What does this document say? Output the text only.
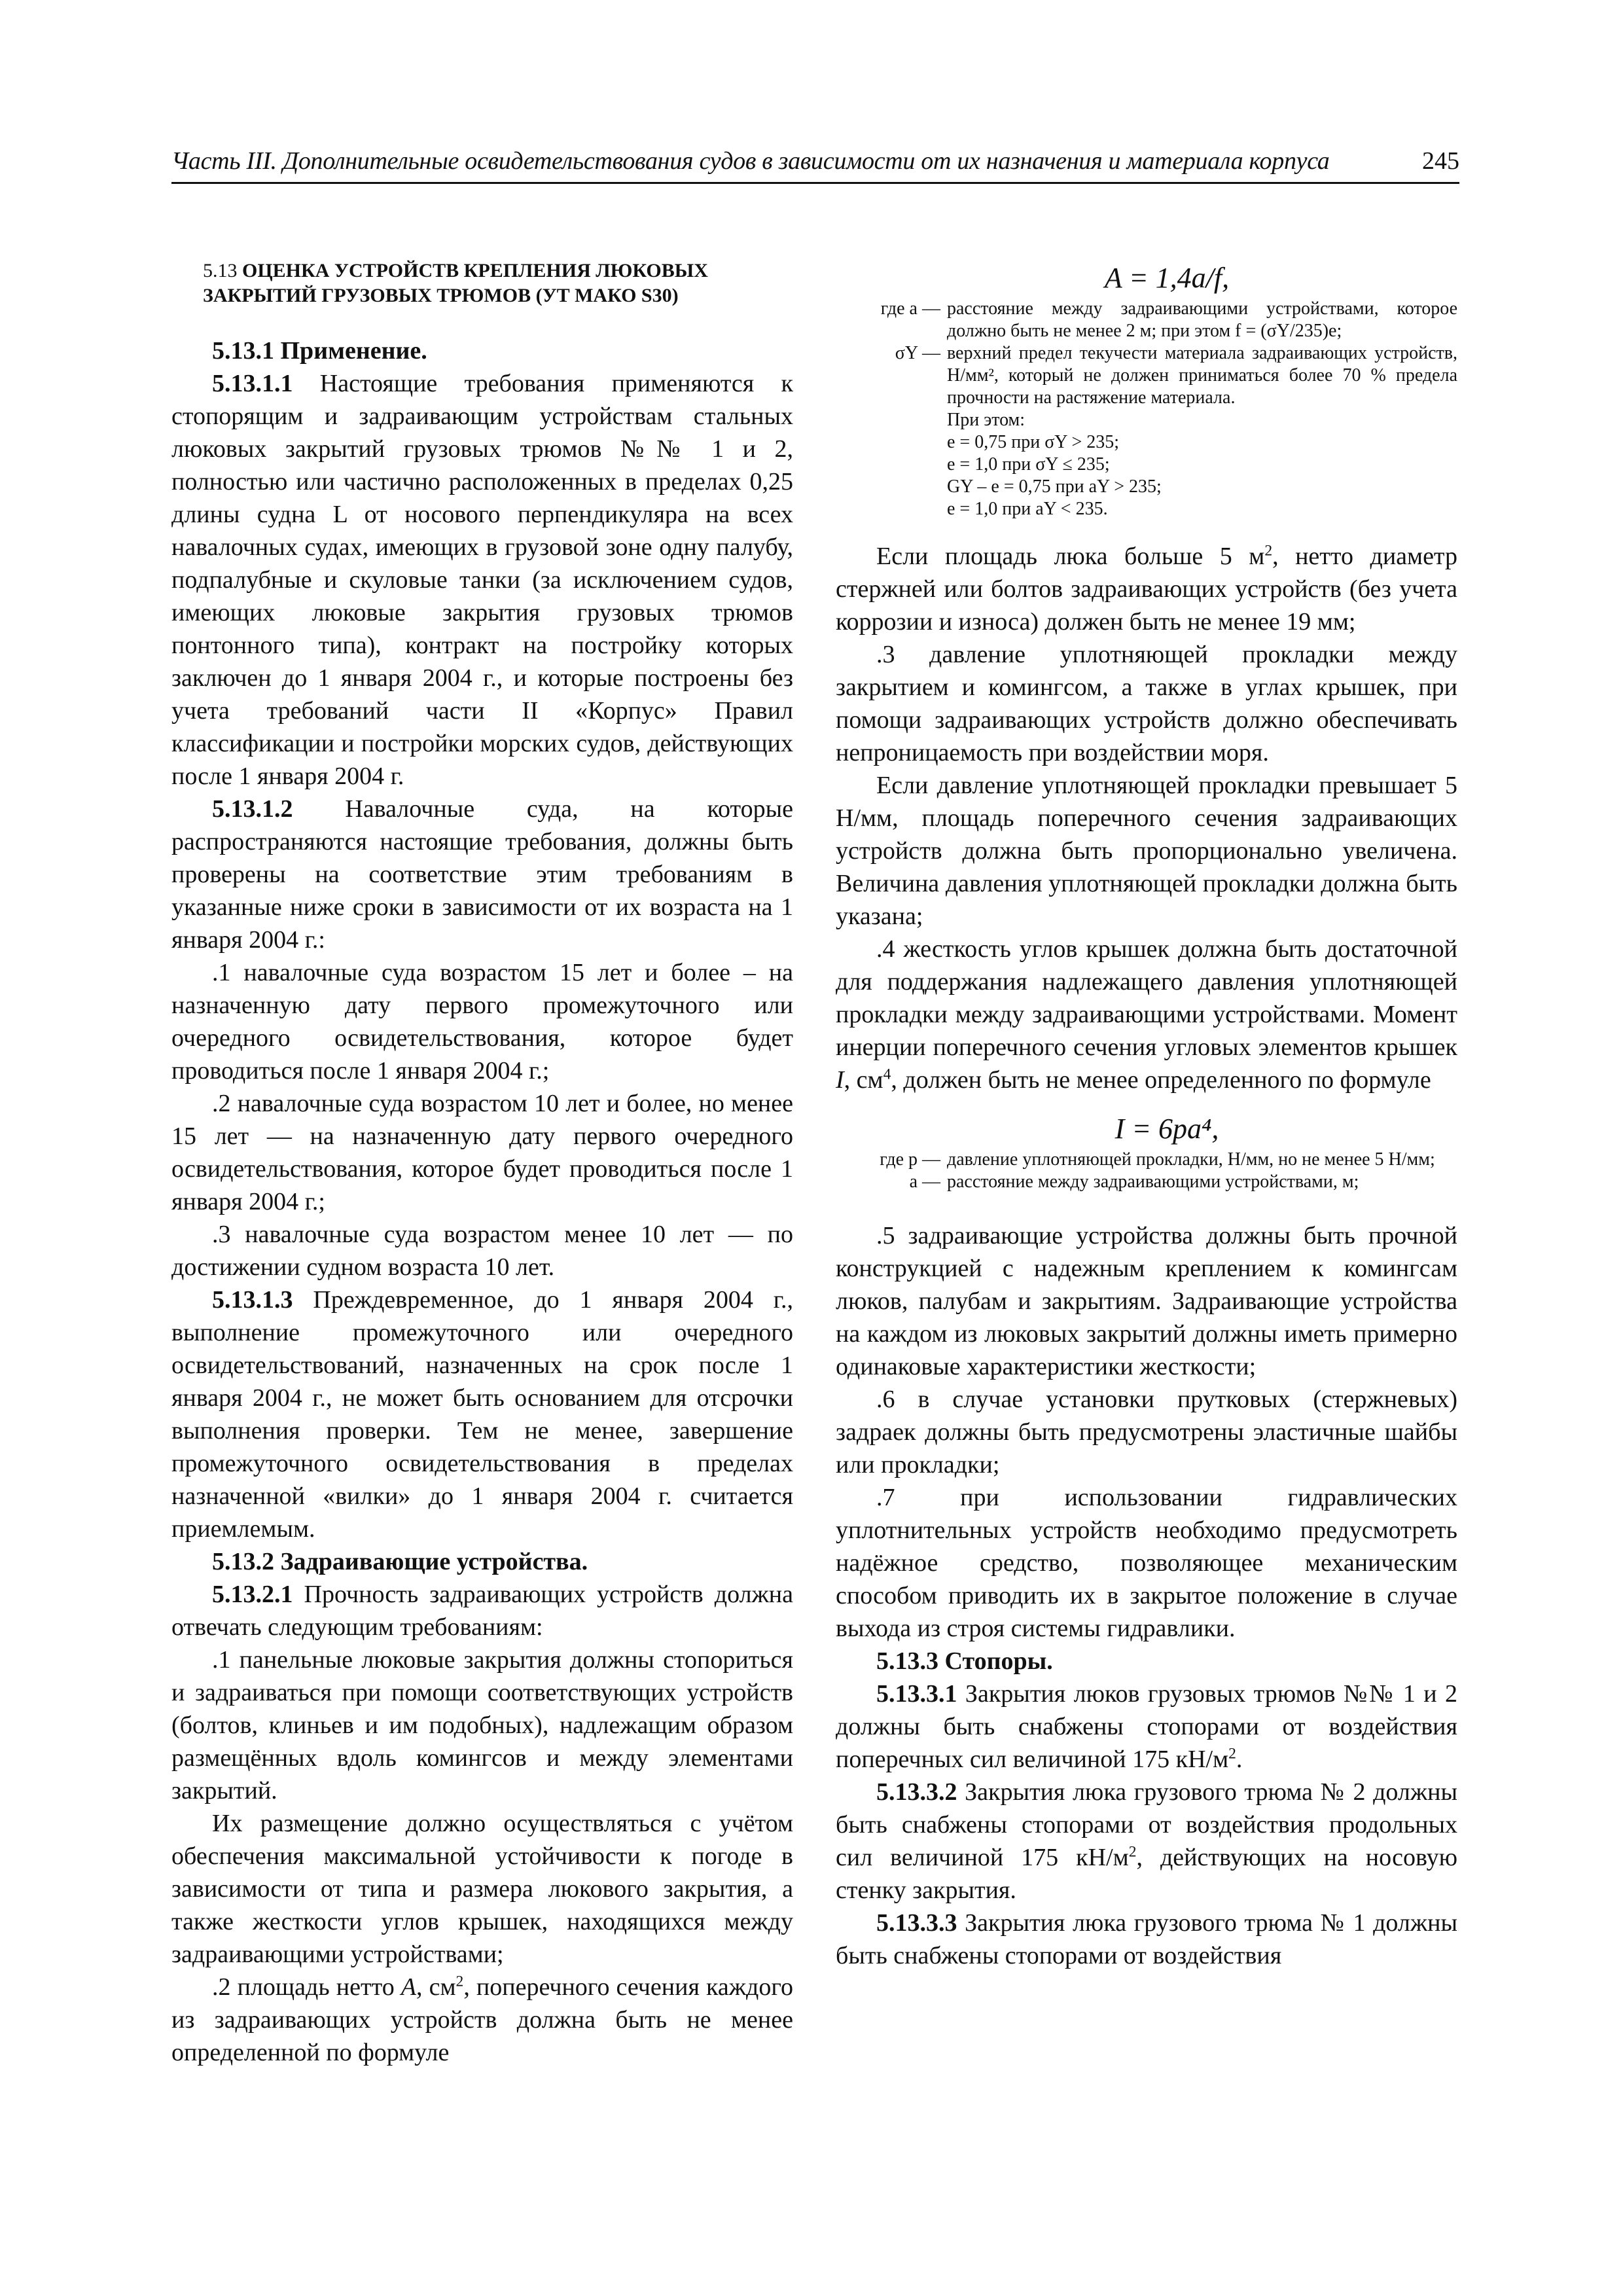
Часть III. Дополнительные освидетельствования судов в зависимости от их назначения и материала корпуса	245

5.13 ОЦЕНКА УСТРОЙСТВ КРЕПЛЕНИЯ ЛЮКОВЫХ
ЗАКРЫТИЙ ГРУЗОВЫХ ТРЮМОВ (УТ МАКО S30)

5.13.1 Применение.

5.13.1.1 Настоящие требования применяются к стопорящим и задраивающим устройствам стальных люковых закрытий грузовых трюмов №№ 1 и 2, полностью или частично расположенных в пределах 0,25 длины судна L от носового перпендикуляра на всех навалочных судах, имеющих в грузовой зоне одну палубу, подпалубные и скуловые танки (за исключением судов, имеющих люковые закрытия грузовых трюмов понтонного типа), контракт на постройку которых заключен до 1 января 2004 г., и которые построены без учета требований части II «Корпус» Правил классификации и постройки морских судов, действующих после 1 января 2004 г.

5.13.1.2 Навалочные суда, на которые распространяются настоящие требования, должны быть проверены на соответствие этим требованиям в указанные ниже сроки в зависимости от их возраста на 1 января 2004 г.:

.1 навалочные суда возрастом 15 лет и более – на назначенную дату первого промежуточного или очередного освидетельствования, которое будет проводиться после 1 января 2004 г.;

.2 навалочные суда возрастом 10 лет и более, но менее 15 лет — на назначенную дату первого очередного освидетельствования, которое будет проводиться после 1 января 2004 г.;

.3 навалочные суда возрастом менее 10 лет — по достижении судном возраста 10 лет.

5.13.1.3 Преждевременное, до 1 января 2004 г., выполнение промежуточного или очередного освидетельствований, назначенных на срок после 1 января 2004 г., не может быть основанием для отсрочки выполнения проверки. Тем не менее, завершение промежуточного освидетельствования в пределах назначенной «вилки» до 1 января 2004 г. считается приемлемым.

5.13.2 Задраивающие устройства.

5.13.2.1 Прочность задраивающих устройств должна отвечать следующим требованиям:

.1 панельные люковые закрытия должны стопориться и задраиваться при помощи соответствующих устройств (болтов, клиньев и им подобных), надлежащим образом размещённых вдоль комингсов и между элементами закрытий.

Их размещение должно осуществляться с учётом обеспечения максимальной устойчивости к погоде в зависимости от типа и размера люкового закрытия, а также жесткости углов крышек, находящихся между задраивающими устройствами;

.2 площадь нетто A, $см^2$, поперечного сечения каждого из задраивающих устройств должна быть не менее определенной по формуле

A = 1,4a/f,

где a — расстояние между задраивающими устройствами, которое должно быть не менее 2 м; при этом f = (σY/235)e;
σY — верхний предел текучести материала задраивающих устройств, Н/мм², который не должен приниматься более 70 % предела прочности на растяжение материала.
При этом:
e = 0,75 при σY > 235;
e = 1,0 при σY ≤ 235;
GY – e = 0,75 при aY > 235;
e = 1,0 при aY < 235.

Если площадь люка больше 5 $м^2$, нетто диаметр стержней или болтов задраивающих устройств (без учета коррозии и износа) должен быть не менее 19 мм;

.3 давление уплотняющей прокладки между закрытием и комингсом, а также в углах крышек, при помощи задраивающих устройств должно обеспечивать непроницаемость при воздействии моря.

Если давление уплотняющей прокладки превышает 5 Н/мм, площадь поперечного сечения задраивающих устройств должна быть пропорционально увеличена. Величина давления уплотняющей прокладки должна быть указана;

.4 жесткость углов крышек должна быть достаточной для поддержания надлежащего давления уплотняющей прокладки между задраивающими устройствами. Момент инерции поперечного сечения угловых элементов крышек I, $см^4$, должен быть не менее определенного по формуле

I = 6pa⁴,

где p — давление уплотняющей прокладки, Н/мм, но не менее 5 Н/мм;
a — расстояние между задраивающими устройствами, м;

.5 задраивающие устройства должны быть прочной конструкцией с надежным креплением к комингсам люков, палубам и закрытиям. Задраивающие устройства на каждом из люковых закрытий должны иметь примерно одинаковые характеристики жесткости;

.6 в случае установки прутковых (стержневых) задраек должны быть предусмотрены эластичные шайбы или прокладки;

.7 при использовании гидравлических уплотнительных устройств необходимо предусмотреть надёжное средство, позволяющее механическим способом приводить их в закрытое положение в случае выхода из строя системы гидравлики.

5.13.3 Стопоры.

5.13.3.1 Закрытия люков грузовых трюмов №№ 1 и 2 должны быть снабжены стопорами от воздействия поперечных сил величиной 175 $кН/м^2$.

5.13.3.2 Закрытия люка грузового трюма № 2 должны быть снабжены стопорами от воздействия продольных сил величиной 175 $кН/м^2$, действующих на носовую стенку закрытия.

5.13.3.3 Закрытия люка грузового трюма № 1 должны быть снабжены стопорами от воздействия
